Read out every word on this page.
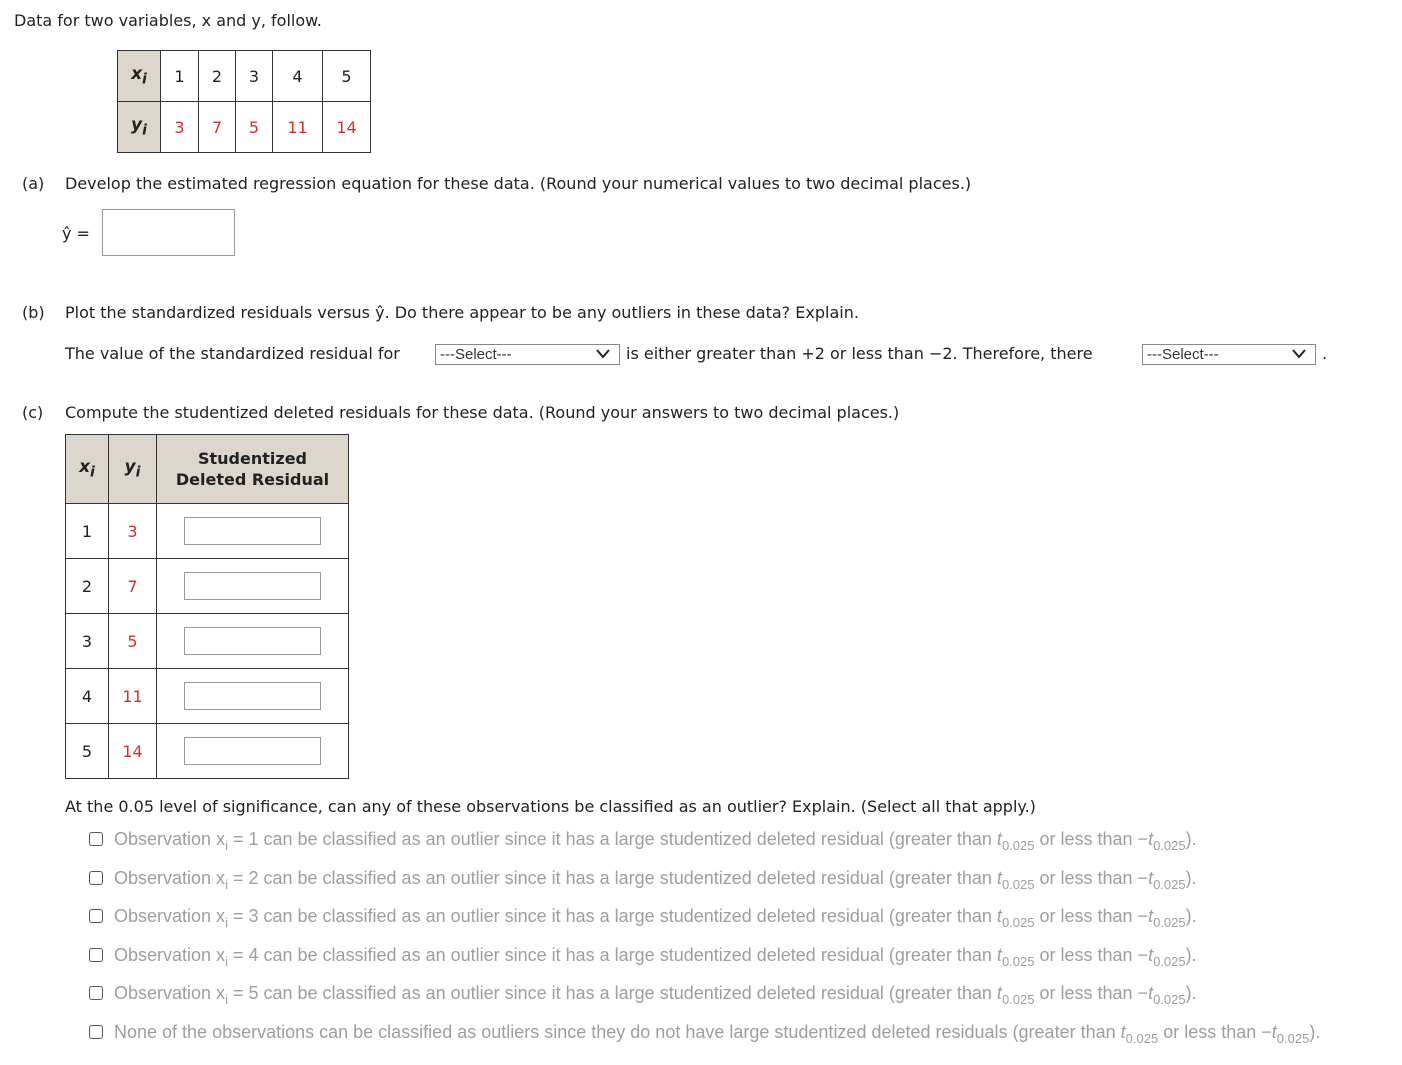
Data for two variables, x and y, follow.
$x_i$	1	2	3	4	5
$y_i$	3	7	5	11	14
(a) Develop the estimated regression equation for these data. (Round your numerical values to two decimal places.)
ŷ =
(b) Plot the standardized residuals versus ŷ. Do there appear to be any outliers in these data? Explain.
The value of the standardized residual for	---Select---	is either greater than +2 or less than −2. Therefore, there	---Select---	.
(c) Compute the studentized deleted residuals for these data. (Round your answers to two decimal places.)
$x_i$	$y_i$	Studentized
Deleted Residual
1	3	
2	7	
3	5	
4	11	
5	14	
At the 0.05 level of significance, can any of these observations be classified as an outlier? Explain. (Select all that apply.)
Observation $x_i = 1$ can be classified as an outlier since it has a large studentized deleted residual (greater than $t_{0.025}$ or less than $-t_{0.025}$).
Observation $x_i = 2$ can be classified as an outlier since it has a large studentized deleted residual (greater than $t_{0.025}$ or less than $-t_{0.025}$).
Observation $x_i = 3$ can be classified as an outlier since it has a large studentized deleted residual (greater than $t_{0.025}$ or less than $-t_{0.025}$).
Observation $x_i = 4$ can be classified as an outlier since it has a large studentized deleted residual (greater than $t_{0.025}$ or less than $-t_{0.025}$).
Observation $x_i = 5$ can be classified as an outlier since it has a large studentized deleted residual (greater than $t_{0.025}$ or less than $-t_{0.025}$).
None of the observations can be classified as outliers since they do not have large studentized deleted residuals (greater than $t_{0.025}$ or less than $-t_{0.025}$).
